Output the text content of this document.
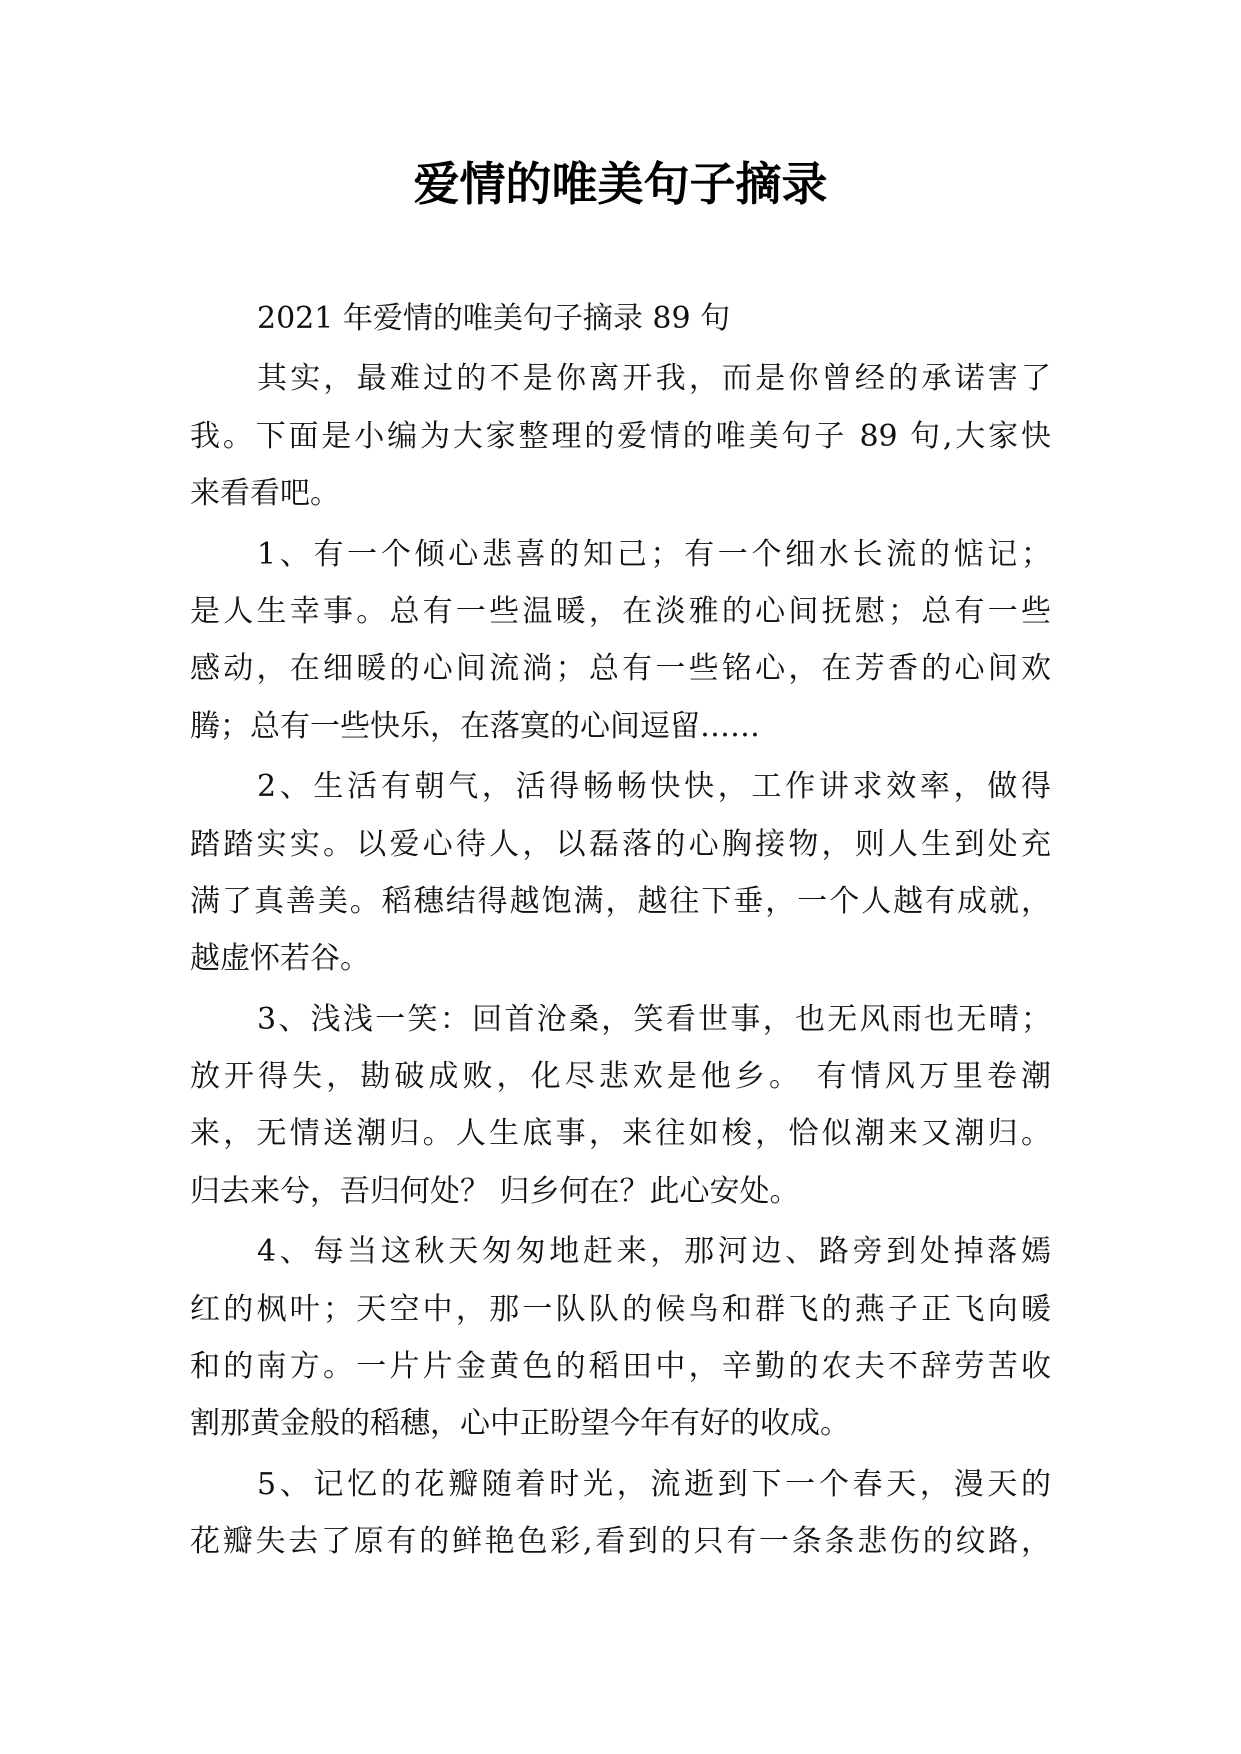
爱情的唯美句子摘录
2021 年爱情的唯美句子摘录 89 句
其实，最难过的不是你离开我，而是你曾经的承诺害了
我。下面是小编为大家整理的爱情的唯美句子 89 句,大家快
来看看吧。
1、有一个倾心悲喜的知己；有一个细水长流的惦记；
是人生幸事。总有一些温暖，在淡雅的心间抚慰；总有一些
感动，在细暖的心间流淌；总有一些铭心，在芳香的心间欢
腾；总有一些快乐，在落寞的心间逗留……
2、生活有朝气，活得畅畅快快，工作讲求效率，做得
踏踏实实。以爱心待人，以磊落的心胸接物，则人生到处充
满了真善美。稻穗结得越饱满，越往下垂，一个人越有成就，
越虚怀若谷。
3、浅浅一笑：回首沧桑，笑看世事，也无风雨也无晴；
放开得失，勘破成败，化尽悲欢是他乡。 有情风万里卷潮
来，无情送潮归。人生底事，来往如梭，恰似潮来又潮归。
归去来兮，吾归何处？ 归乡何在？此心安处。
4、每当这秋天匆匆地赶来，那河边、路旁到处掉落嫣
红的枫叶；天空中，那一队队的候鸟和群飞的燕子正飞向暖
和的南方。一片片金黄色的稻田中，辛勤的农夫不辞劳苦收
割那黄金般的稻穗，心中正盼望今年有好的收成。
5、记忆的花瓣随着时光，流逝到下一个春天，漫天的
花瓣失去了原有的鲜艳色彩,看到的只有一条条悲伤的纹路，
